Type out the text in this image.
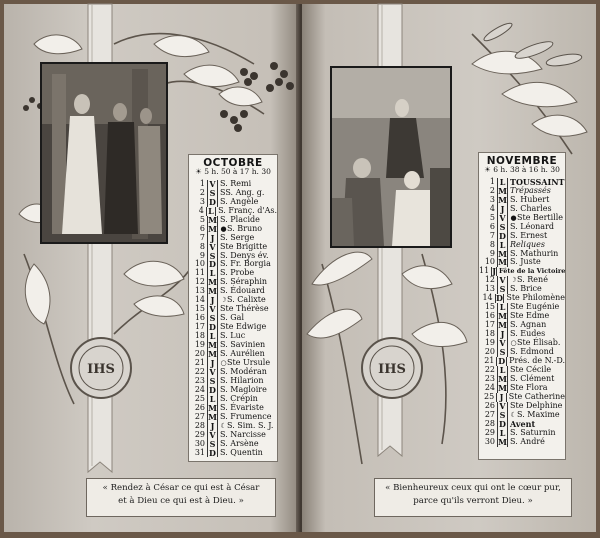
IHS
OCTOBRE
☀ 5 h. 50 à 17 h. 30
1 V S. Remi
2 S SS. Ang. g.
3 D S. Angèle
4 L S. Franç. d'As.
5 M S. Placide
6 M ●S. Bruno
7 J S. Serge
8 V Ste Brigitte
9 S S. Denys év.
10 D S. Fr. Borgia
11 L S. Probe
12 M S. Séraphin
13 M S. Édouard
14 J ☽S. Calixte
15 V Ste Thérèse
16 S S. Gal
17 D Ste Edwige
18 L S. Luc
19 M S. Savinien
20 M S. Aurélien
21 J ○Ste Ursule
22 V S. Modéran
23 S S. Hilarion
24 D S. Magloire
25 L S. Crépin
26 M S. Évariste
27 M S. Frumence
28 J ☾S. Sim. S. J.
29 V S. Narcisse
30 S S. Arsène
31 D S. Quentin
« Rendez à César ce qui est à César
et à Dieu ce qui est à Dieu. »
IHS
NOVEMBRE
☀ 6 h. 38 à 16 h. 30
1 L TOUSSAINT
2 M Trépassés
3 M S. Hubert
4 J S. Charles
5 V ●Ste Bertille
6 S S. Léonard
7 D S. Ernest
8 L Reliques
9 M S. Mathurin
10 M S. Juste
11 J Fête de la Victoire
12 V ☽S. René
13 S S. Brice
14 D Ste Philomène
15 L Ste Eugénie
16 M Ste Edme
17 M S. Agnan
18 J S. Eudes
19 V ○Ste Élisab.
20 S S. Edmond
21 D Prés. de N.-D.
22 L Ste Cécile
23 M S. Clément
24 M Ste Flora
25 J Ste Catherine
26 V Ste Delphine
27 S ☾S. Maxime
28 D Avent
29 L S. Saturnin
30 M S. André
« Bienheureux ceux qui ont le cœur pur,
parce qu'ils verront Dieu. »
